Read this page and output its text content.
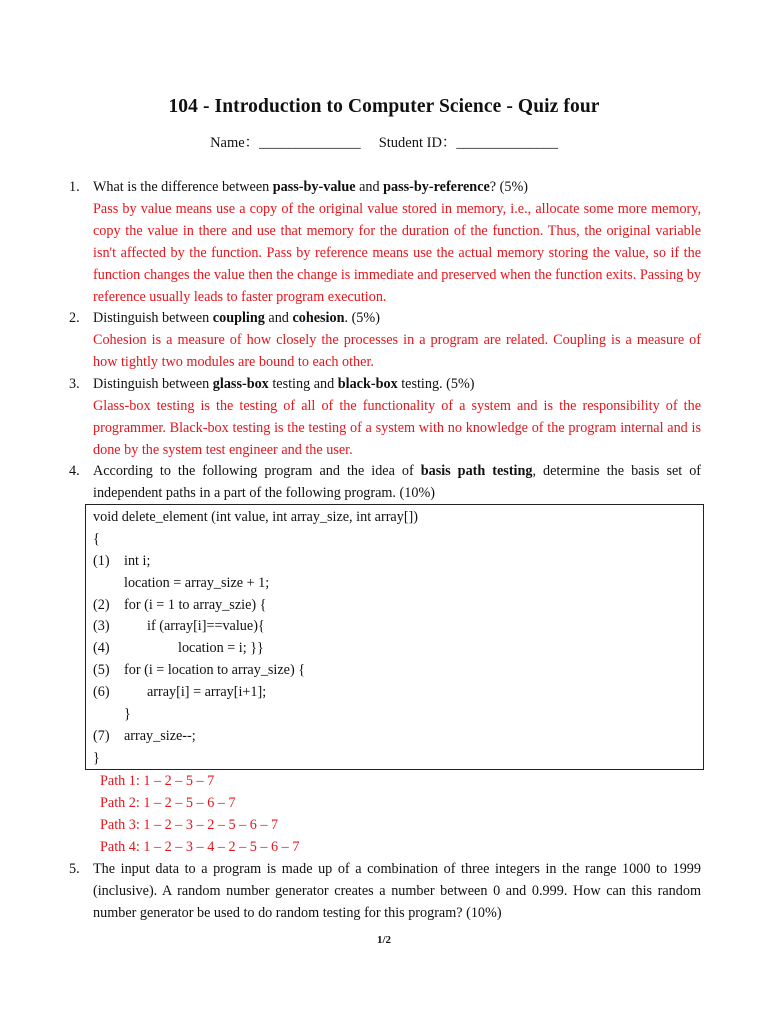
104 - Introduction to Computer Science - Quiz four
Name：______________ Student ID：______________
1. What is the difference between pass-by-value and pass-by-reference? (5%)

Pass by value means use a copy of the original value stored in memory, i.e., allocate some more memory, copy the value in there and use that memory for the duration of the function. Thus, the original variable isn't affected by the function. Pass by reference means use the actual memory storing the value, so if the function changes the value then the change is immediate and preserved when the function exits. Passing by reference usually leads to faster program execution.

2. Distinguish between coupling and cohesion. (5%)

Cohesion is a measure of how closely the processes in a program are related. Coupling is a measure of how tightly two modules are bound to each other.

3. Distinguish between glass-box testing and black-box testing. (5%)

Glass-box testing is the testing of all of the functionality of a system and is the responsibility of the programmer. Black-box testing is the testing of a system with no knowledge of the program internal and is done by the system test engineer and the user.

4. According to the following program and the idea of basis path testing, determine the basis set of independent paths in a part of the following program. (10%)

void delete_element (int value, int array_size, int array[])
{
(1) int i;
location = array_size + 1;
(2) for (i = 1 to array_szie) {
(3)	if (array[i]==value){
(4)	location = i; }}
(5) for (i = location to array_size) {
(6)	array[i] = array[i+1];
}
(7) array_size--;
}
Path 1: 1 – 2 – 5 – 7
Path 2: 1 – 2 – 5 – 6 – 7
Path 3: 1 – 2 – 3 – 2 – 5 – 6 – 7
Path 4: 1 – 2 – 3 – 4 – 2 – 5 – 6 – 7
5. The input data to a program is made up of a combination of three integers in the range 1000 to 1999 (inclusive). A random number generator creates a number between 0 and 0.999. How can this random number generator be used to do random testing for this program? (10%)

1/2
